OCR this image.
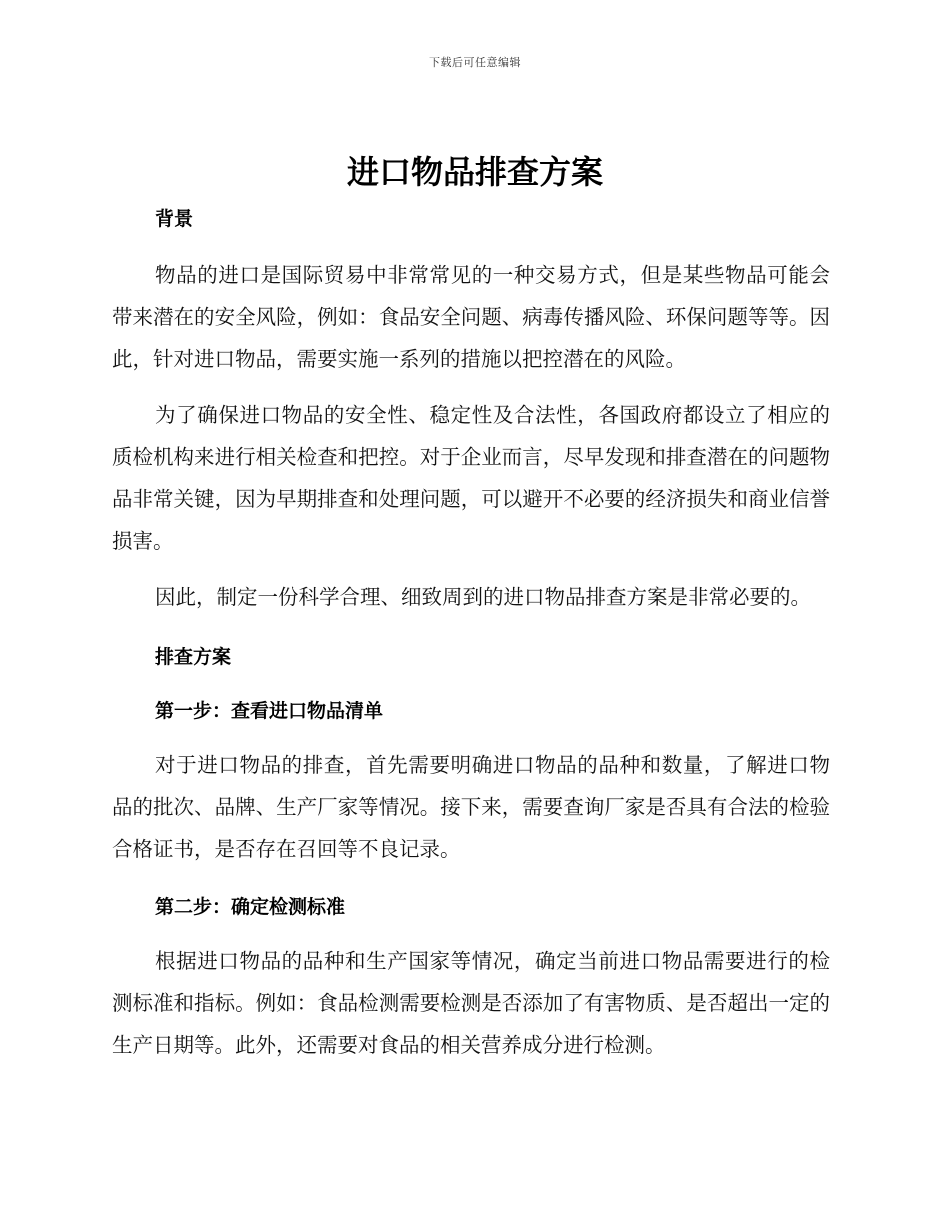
下载后可任意编辑
进口物品排查方案
背景

物品的进口是国际贸易中非常常见的一种交易方式，但是某些物品可能会带来潜在的安全风险，例如：食品安全问题、病毒传播风险、环保问题等等。因此，针对进口物品，需要实施一系列的措施以把控潜在的风险。

为了确保进口物品的安全性、稳定性及合法性，各国政府都设立了相应的质检机构来进行相关检查和把控。对于企业而言，尽早发现和排查潜在的问题物品非常关键，因为早期排查和处理问题，可以避开不必要的经济损失和商业信誉损害。

因此，制定一份科学合理、细致周到的进口物品排查方案是非常必要的。

排查方案
第一步：查看进口物品清单

对于进口物品的排查，首先需要明确进口物品的品种和数量，了解进口物品的批次、品牌、生产厂家等情况。接下来，需要查询厂家是否具有合法的检验合格证书，是否存在召回等不良记录。

第二步：确定检测标准

根据进口物品的品种和生产国家等情况，确定当前进口物品需要进行的检测标准和指标。例如：食品检测需要检测是否添加了有害物质、是否超出一定的生产日期等。此外，还需要对食品的相关营养成分进行检测。
